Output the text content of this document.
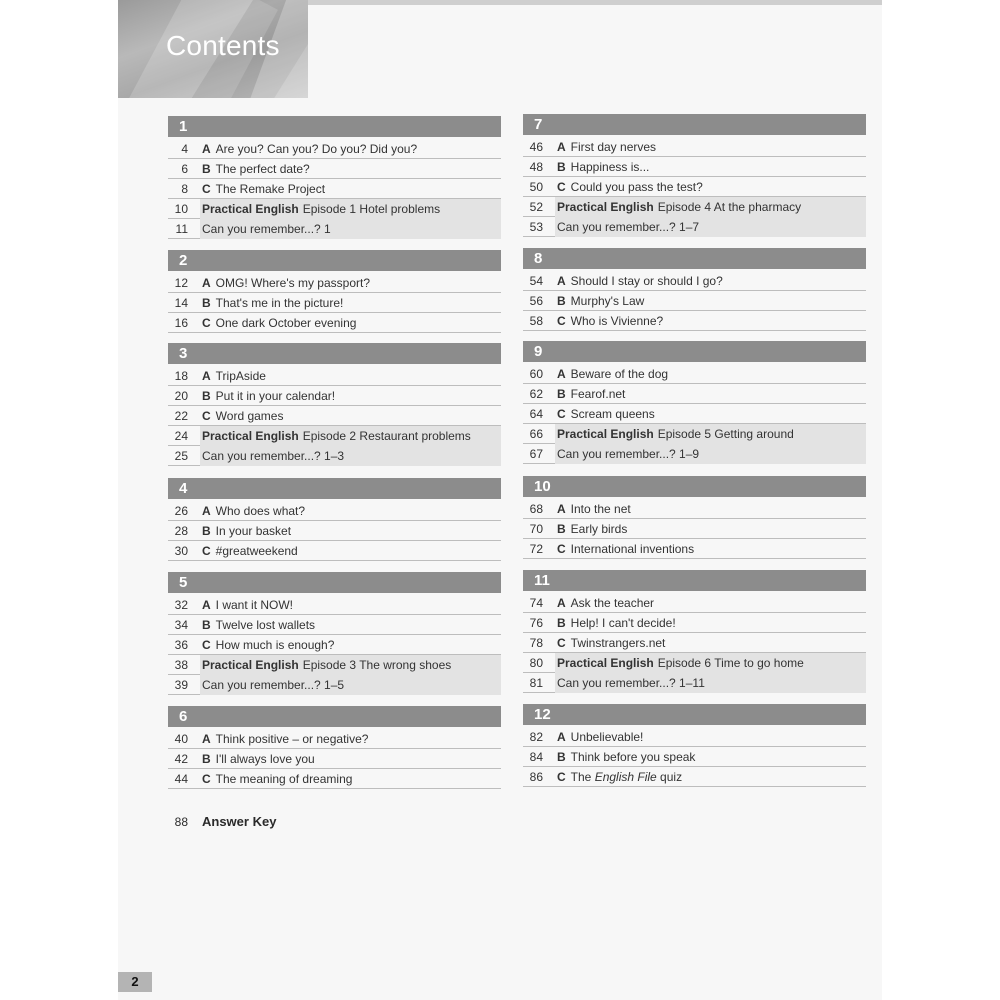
Contents
1
4 A Are you? Can you? Do you? Did you?
6 B The perfect date?
8 C The Remake Project
10 Practical English Episode 1 Hotel problems
11 Can you remember...? 1
7
46 A First day nerves
48 B Happiness is...
50 C Could you pass the test?
52 Practical English Episode 4 At the pharmacy
53 Can you remember...? 1–7
2
12 A OMG! Where's my passport?
14 B That's me in the picture!
16 C One dark October evening
8
54 A Should I stay or should I go?
56 B Murphy's Law
58 C Who is Vivienne?
3
18 A TripAside
20 B Put it in your calendar!
22 C Word games
24 Practical English Episode 2 Restaurant problems
25 Can you remember...? 1–3
9
60 A Beware of the dog
62 B Fearof.net
64 C Scream queens
66 Practical English Episode 5 Getting around
67 Can you remember...? 1–9
4
26 A Who does what?
28 B In your basket
30 C #greatweekend
10
68 A Into the net
70 B Early birds
72 C International inventions
5
32 A I want it NOW!
34 B Twelve lost wallets
36 C How much is enough?
38 Practical English Episode 3 The wrong shoes
39 Can you remember...? 1–5
11
74 A Ask the teacher
76 B Help! I can't decide!
78 C Twinstrangers.net
80 Practical English Episode 6 Time to go home
81 Can you remember...? 1–11
6
40 A Think positive – or negative?
42 B I'll always love you
44 C The meaning of dreaming
12
82 A Unbelievable!
84 B Think before you speak
86 C The English File quiz
88 Answer Key
2
